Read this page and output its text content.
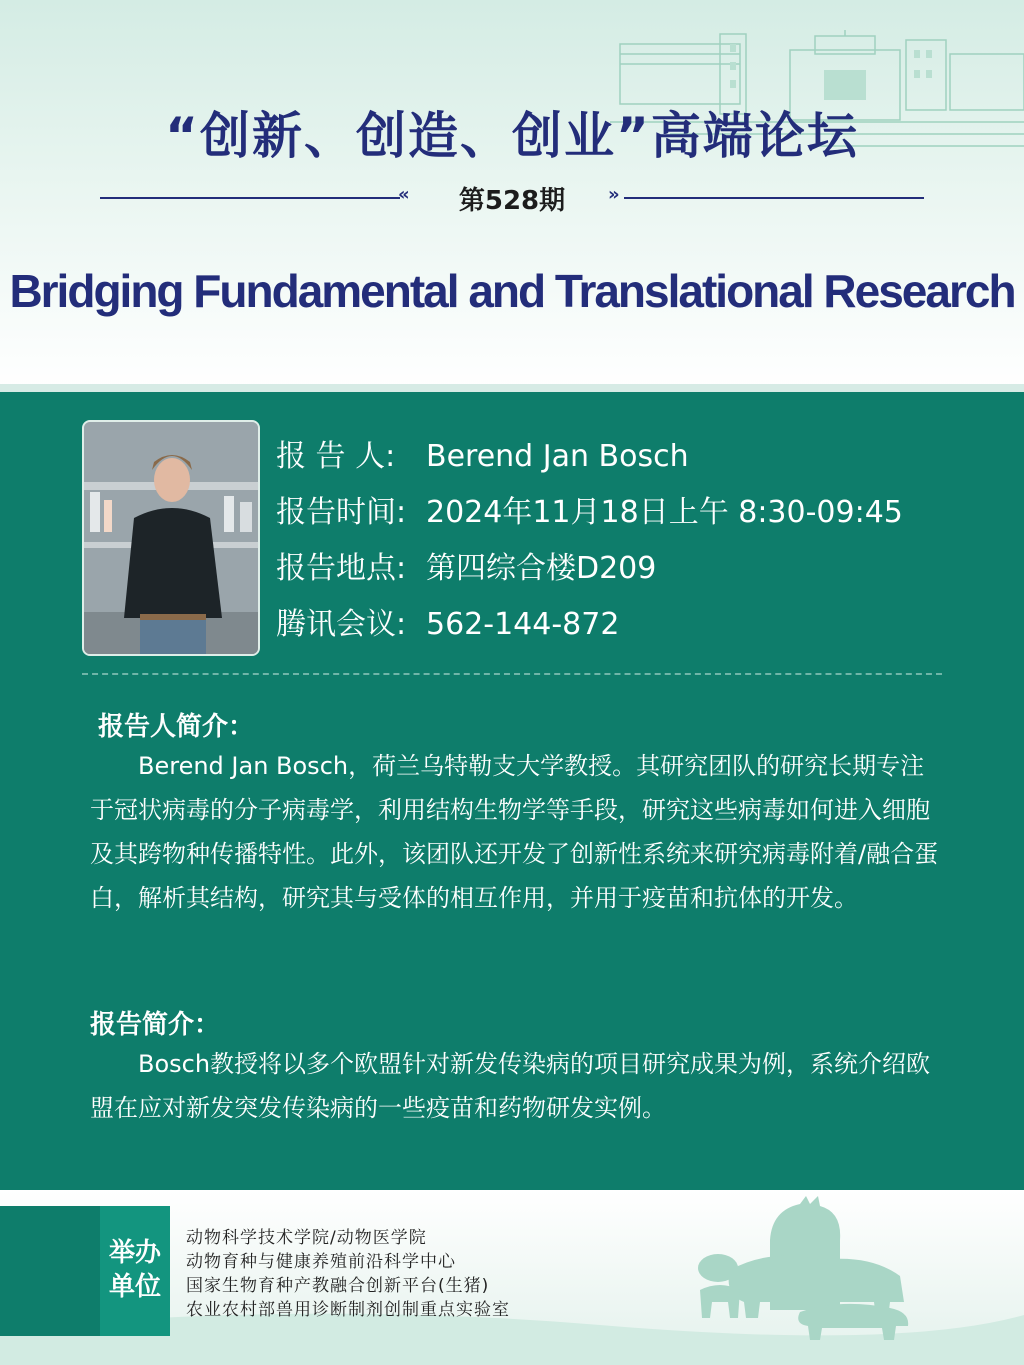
“创新、创造、创业”高端论坛
«	第528期	»
Bridging Fundamental and Translational Research
报 告 人: Berend Jan Bosch
报告时间: 2024年11月18日上午 8:30-09:45
报告地点: 第四综合楼D209
腾讯会议: 562-144-872
报告人简介：
Berend Jan Bosch，荷兰乌特勒支大学教授。其研究团队的研究长期专注于冠状病毒的分子病毒学，利用结构生物学等手段，研究这些病毒如何进入细胞及其跨物种传播特性。此外，该团队还开发了创新性系统来研究病毒附着/融合蛋白，解析其结构，研究其与受体的相互作用，并用于疫苗和抗体的开发。
报告简介：
Bosch教授将以多个欧盟针对新发传染病的项目研究成果为例，系统介绍欧盟在应对新发突发传染病的一些疫苗和药物研发实例。
举办
单位
动物科学技术学院/动物医学院
动物育种与健康养殖前沿科学中心
国家生物育种产教融合创新平台(生猪)
农业农村部兽用诊断制剂创制重点实验室
